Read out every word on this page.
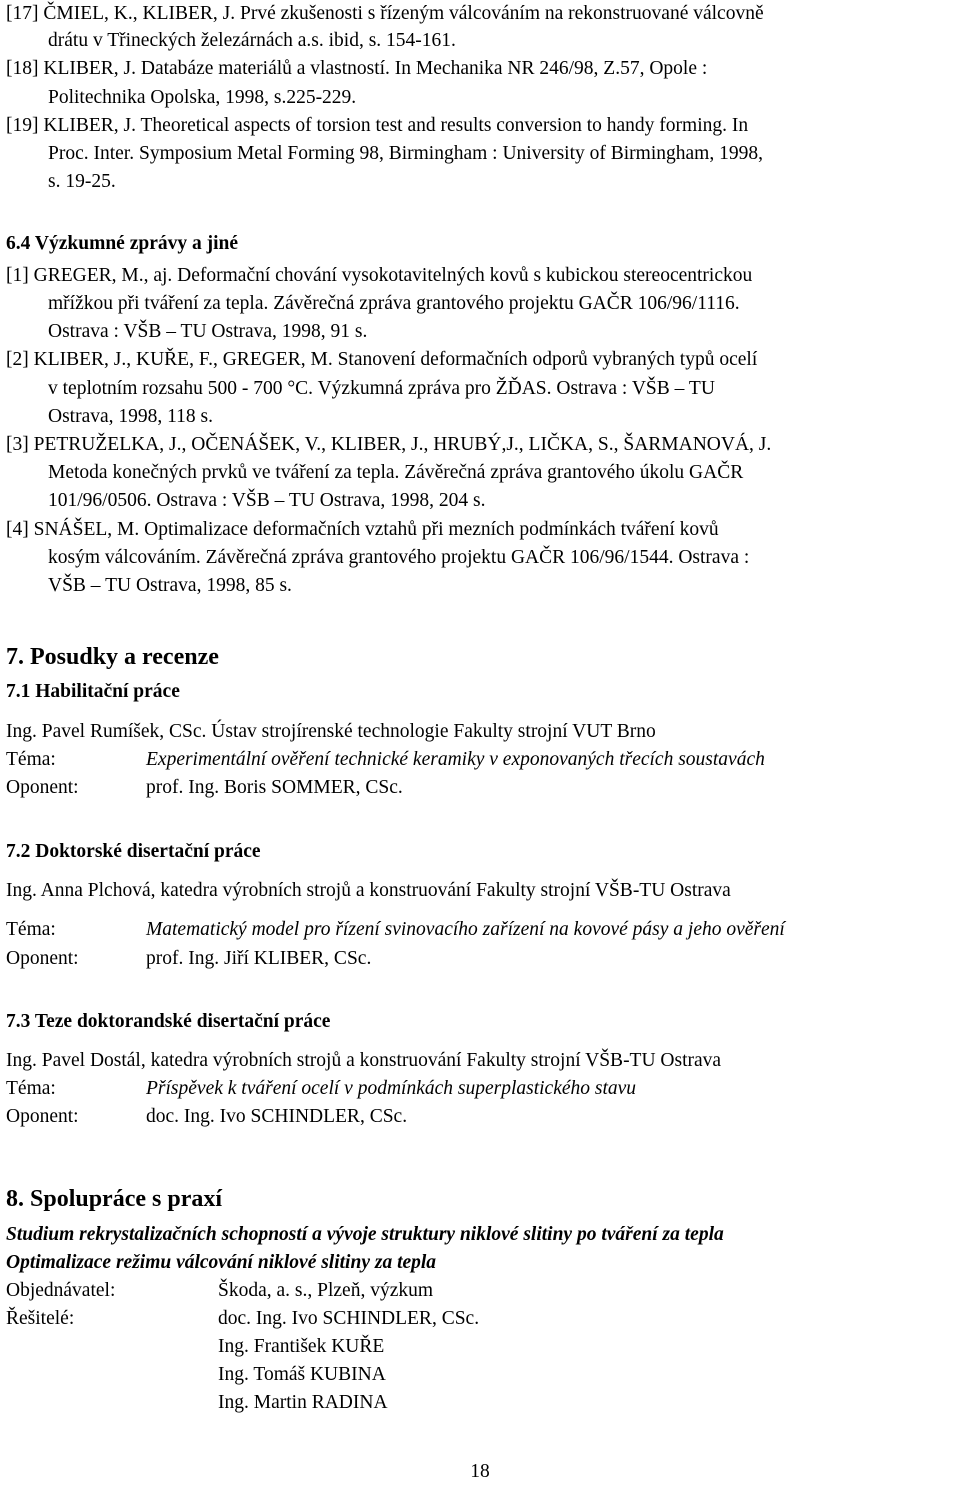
[17] ČMIEL, K., KLIBER, J. Prvé zkušenosti s řízeným válcováním na rekonstruované válcovně
drátu v Třineckých železárnách a.s. ibid, s. 154-161.
[18] KLIBER, J. Databáze materiálů a vlastností. In Mechanika NR 246/98, Z.57, Opole :
Politechnika Opolska, 1998, s.225-229.
[19] KLIBER, J. Theoretical aspects of torsion test and results conversion to handy forming. In
Proc. Inter. Symposium Metal Forming 98, Birmingham : University of Birmingham, 1998,
s. 19-25.
6.4 Výzkumné zprávy a jiné
[1] GREGER, M., aj. Deformační chování vysokotavitelných kovů s kubickou stereocentrickou
mřížkou při tváření za tepla. Závěrečná zpráva grantového projektu GAČR 106/96/1116.
Ostrava : VŠB – TU Ostrava, 1998, 91 s.
[2] KLIBER, J., KUŘE, F., GREGER, M. Stanovení deformačních odporů vybraných typů ocelí
v teplotním rozsahu 500 - 700 °C. Výzkumná zpráva pro ŽĎAS. Ostrava : VŠB – TU
Ostrava, 1998, 118 s.
[3] PETRUŽELKA, J., OČENÁŠEK, V., KLIBER, J., HRUBÝ,J., LIČKA, S., ŠARMANOVÁ, J.
Metoda konečných prvků ve tváření za tepla. Závěrečná zpráva grantového úkolu GAČR
101/96/0506. Ostrava : VŠB – TU Ostrava, 1998, 204 s.
[4] SNÁŠEL, M. Optimalizace deformačních vztahů při mezních podmínkách tváření kovů
kosým válcováním. Závěrečná zpráva grantového projektu GAČR 106/96/1544. Ostrava :
VŠB – TU Ostrava, 1998, 85 s.
7. Posudky a recenze
7.1 Habilitační práce
Ing. Pavel Rumíšek, CSc. Ústav strojírenské technologie Fakulty strojní VUT Brno
Téma:	Experimentální ověření technické keramiky v exponovaných třecích soustavách
Oponent:	prof. Ing. Boris SOMMER, CSc.
7.2 Doktorské disertační práce
Ing. Anna Plchová, katedra výrobních strojů a konstruování Fakulty strojní VŠB-TU Ostrava
Téma:	Matematický model pro řízení svinovacího zařízení na kovové pásy a jeho ověření
Oponent:	prof. Ing. Jiří KLIBER, CSc.
7.3 Teze doktorandské disertační práce
Ing. Pavel Dostál, katedra výrobních strojů a konstruování Fakulty strojní VŠB-TU Ostrava
Téma:	Příspěvek k tváření ocelí v podmínkách superplastického stavu
Oponent:	doc. Ing. Ivo SCHINDLER, CSc.
8. Spolupráce s praxí
Studium rekrystalizačních schopností a vývoje struktury niklové slitiny po tváření za tepla
Optimalizace režimu válcování niklové slitiny za tepla
Objednávatel:	Škoda, a. s., Plzeň, výzkum
Řešitelé:	doc. Ing. Ivo SCHINDLER, CSc.
Ing. František KUŘE
Ing. Tomáš KUBINA
Ing. Martin RADINA
18
